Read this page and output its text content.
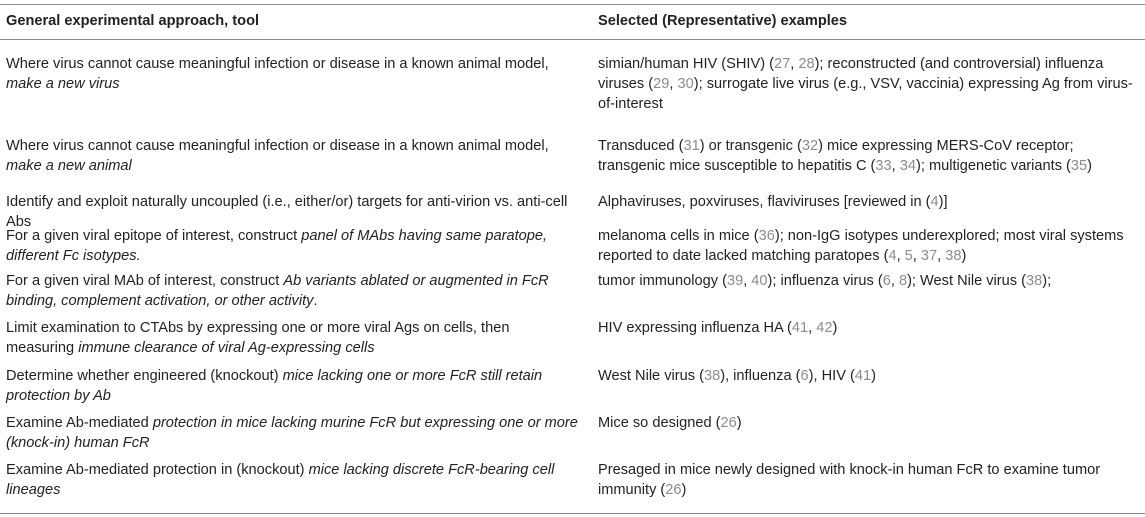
General experimental approach, tool	Selected (Representative) examples
Where virus cannot cause meaningful infection or disease in a known animal model, make a new virus
simian/human HIV (SHIV) (27, 28); reconstructed (and controversial) influenza viruses (29, 30); surrogate live virus (e.g., VSV, vaccinia) expressing Ag from virus-of-interest
Where virus cannot cause meaningful infection or disease in a known animal model, make a new animal
Transduced (31) or transgenic (32) mice expressing MERS-CoV receptor; transgenic mice susceptible to hepatitis C (33, 34); multigenetic variants (35)
Identify and exploit naturally uncoupled (i.e., either/or) targets for anti-virion vs. anti-cell Abs
Alphaviruses, poxviruses, flaviviruses [reviewed in (4)]
For a given viral epitope of interest, construct panel of MAbs having same paratope, different Fc isotypes.
melanoma cells in mice (36); non-IgG isotypes underexplored; most viral systems reported to date lacked matching paratopes (4, 5, 37, 38)
For a given viral MAb of interest, construct Ab variants ablated or augmented in FcR binding, complement activation, or other activity.
tumor immunology (39, 40); influenza virus (6, 8); West Nile virus (38);
Limit examination to CTAbs by expressing one or more viral Ags on cells, then measuring immune clearance of viral Ag-expressing cells
HIV expressing influenza HA (41, 42)
Determine whether engineered (knockout) mice lacking one or more FcR still retain protection by Ab
West Nile virus (38), influenza (6), HIV (41)
Examine Ab-mediated protection in mice lacking murine FcR but expressing one or more (knock-in) human FcR
Mice so designed (26)
Examine Ab-mediated protection in (knockout) mice lacking discrete FcR-bearing cell lineages
Presaged in mice newly designed with knock-in human FcR to examine tumor immunity (26)
